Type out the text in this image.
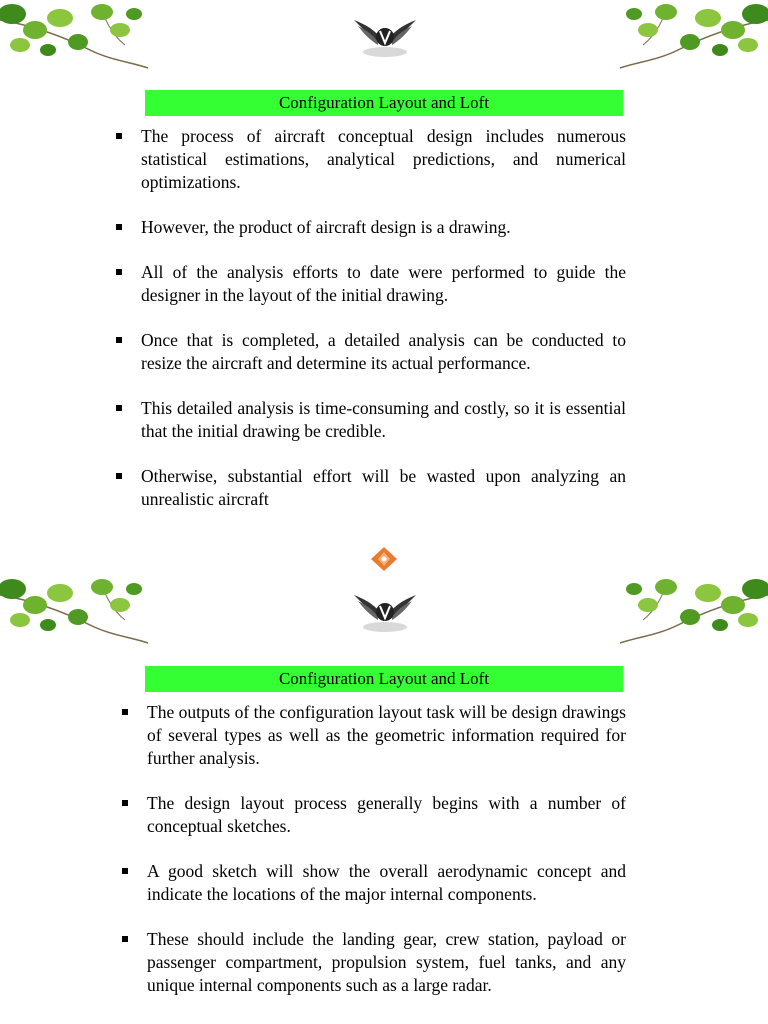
Configuration Layout and Loft
The process of aircraft conceptual design includes numerous statistical estimations, analytical predictions, and numerical optimizations.
However, the product of aircraft design is a drawing.
All of the analysis efforts to date were performed to guide the designer in the layout of the initial drawing.
Once that is completed, a detailed analysis can be conducted to resize the aircraft and determine its actual performance.
This detailed analysis is time-consuming and costly, so it is essential that the initial drawing be credible.
Otherwise, substantial effort will be wasted upon analyzing an unrealistic aircraft
Configuration Layout and Loft
The outputs of the configuration layout task will be design drawings of several types as well as the geometric information required for further analysis.
The design layout process generally begins with a number of conceptual sketches.
A good sketch will show the overall aerodynamic concept and indicate the locations of the major internal components.
These should include the landing gear, crew station, payload or passenger compartment, propulsion system, fuel tanks, and any unique internal components such as a large radar.
